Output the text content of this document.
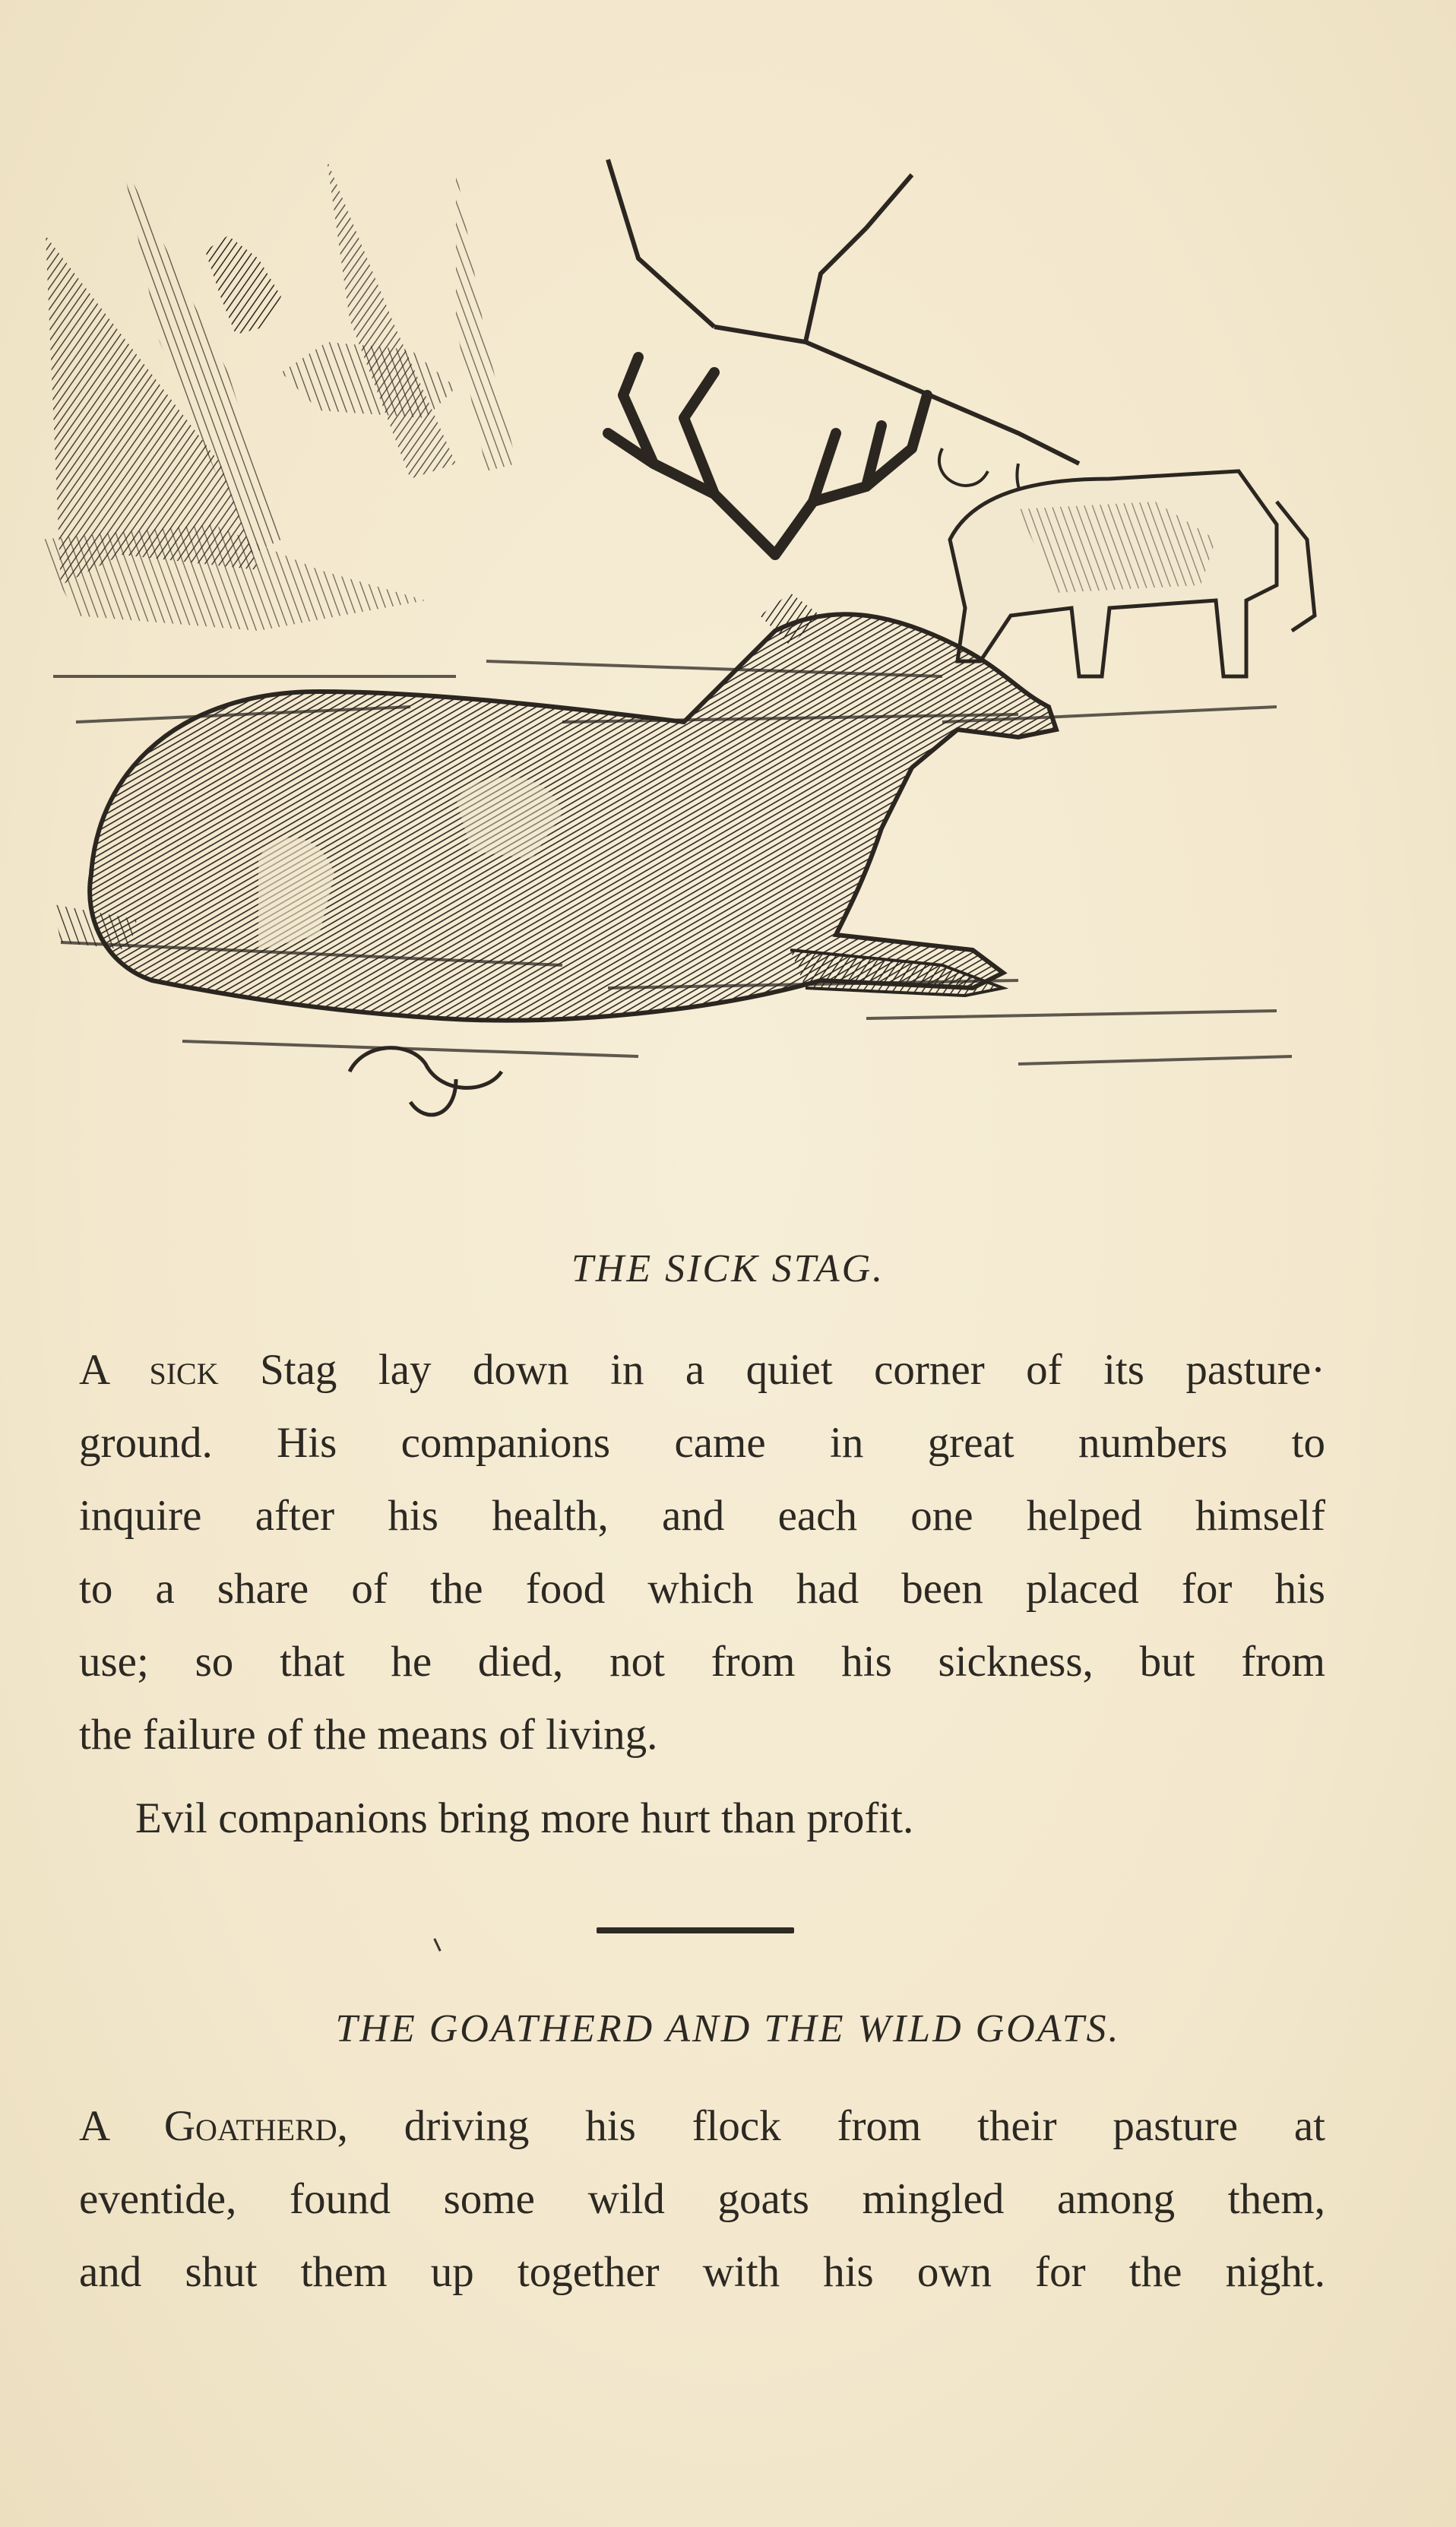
THE SICK STAG.
A sick Stag lay down in a quiet corner of its pasture·
ground. His companions came in great numbers to
inquire after his health, and each one helped himself
to a share of the food which had been placed for his
use; so that he died, not from his sickness, but from
the failure of the means of living.
Evil companions bring more hurt than profit.
THE GOATHERD AND THE WILD GOATS.
A Goatherd, driving his flock from their pasture at
eventide, found some wild goats mingled among them,
and shut them up together with his own for the night.
